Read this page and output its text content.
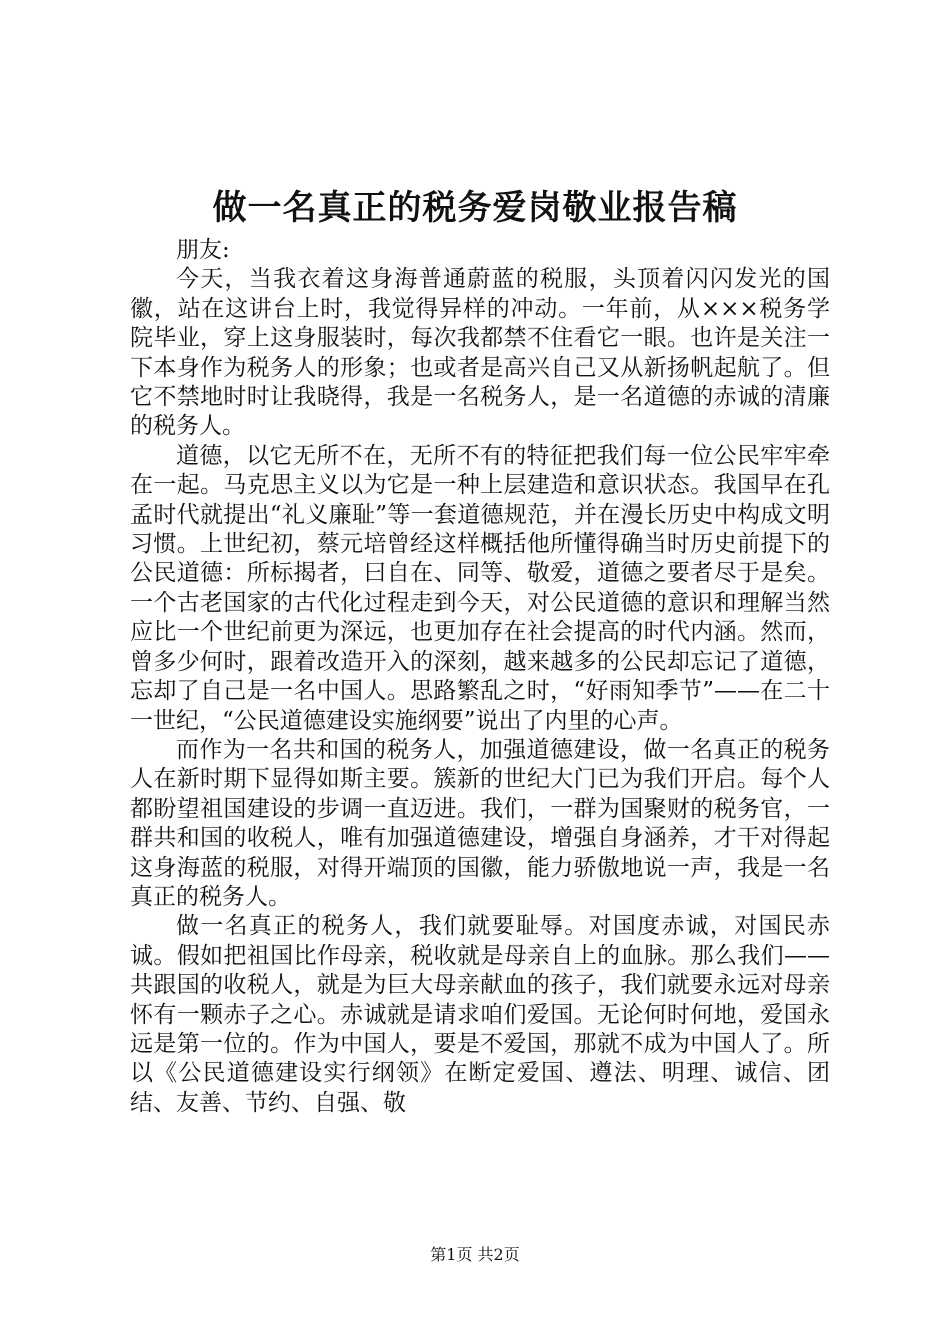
做一名真正的税务爱岗敬业报告稿

朋友:

今天，当我衣着这身海普通蔚蓝的税服，头顶着闪闪发光的国徽，站在这讲台上时，我觉得异样的冲动。一年前，从×××税务学院毕业，穿上这身服装时，每次我都禁不住看它一眼。也许是关注一下本身作为税务人的形象；也或者是高兴自己又从新扬帆起航了。但它不禁地时时让我晓得，我是一名税务人，是一名道德的赤诚的清廉的税务人。

道德，以它无所不在，无所不有的特征把我们每一位公民牢牢牵在一起。马克思主义以为它是一种上层建造和意识状态。我国早在孔孟时代就提出“礼义廉耻”等一套道德规范，并在漫长历史中构成文明习惯。上世纪初，蔡元培曾经这样概括他所懂得确当时历史前提下的公民道德：所标揭者，曰自在、同等、敬爱，道德之要者尽于是矣。一个古老国家的古代化过程走到今天，对公民道德的意识和理解当然应比一个世纪前更为深远，也更加存在社会提高的时代内涵。然而，曾多少何时，跟着改造开入的深刻，越来越多的公民却忘记了道德，忘却了自己是一名中国人。思路繁乱之时，“好雨知季节”——在二十一世纪，“公民道德建设实施纲要”说出了内里的心声。

而作为一名共和国的税务人，加强道德建设，做一名真正的税务人在新时期下显得如斯主要。簇新的世纪大门已为我们开启。每个人都盼望祖国建设的步调一直迈进。我们，一群为国聚财的税务官，一群共和国的收税人，唯有加强道德建设，增强自身涵养，才干对得起这身海蓝的税服，对得开端顶的国徽，能力骄傲地说一声，我是一名真正的税务人。

做一名真正的税务人，我们就要耻辱。对国度赤诚，对国民赤诚。假如把祖国比作母亲，税收就是母亲自上的血脉。那么我们——共跟国的收税人，就是为巨大母亲献血的孩子，我们就要永远对母亲怀有一颗赤子之心。赤诚就是请求咱们爱国。无论何时何地，爱国永远是第一位的。作为中国人，要是不爱国，那就不成为中国人了。所以《公民道德建设实行纲领》在断定爱国、遵法、明理、诚信、团结、友善、节约、自强、敬

第1页 共2页
